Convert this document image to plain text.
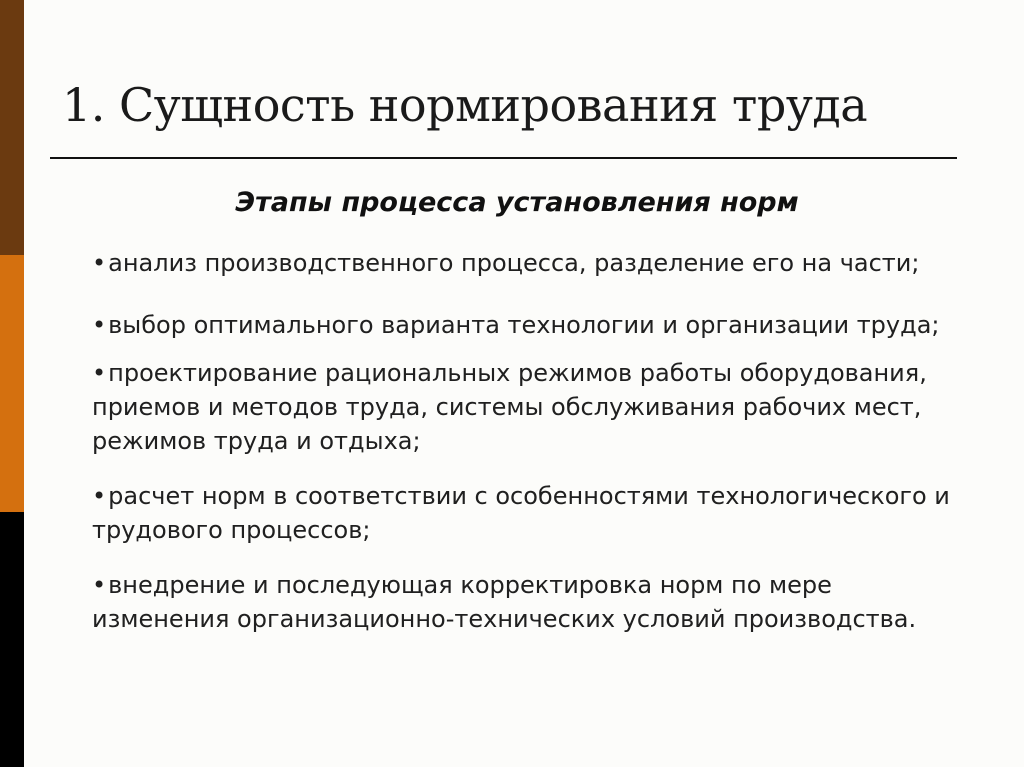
1. Сущность нормирования труда
Этапы процесса установления норм
•анализ производственного процесса, разделение его на части;
•выбор оптимального варианта технологии и организации труда;
•проектирование рациональных режимов работы оборудования, приемов и методов труда, системы обслуживания рабочих мест, режимов труда и отдыха;
•расчет норм в соответствии с особенностями технологического и трудового процессов;
•внедрение и последующая корректировка норм по мере изменения организационно-технических условий производства.
